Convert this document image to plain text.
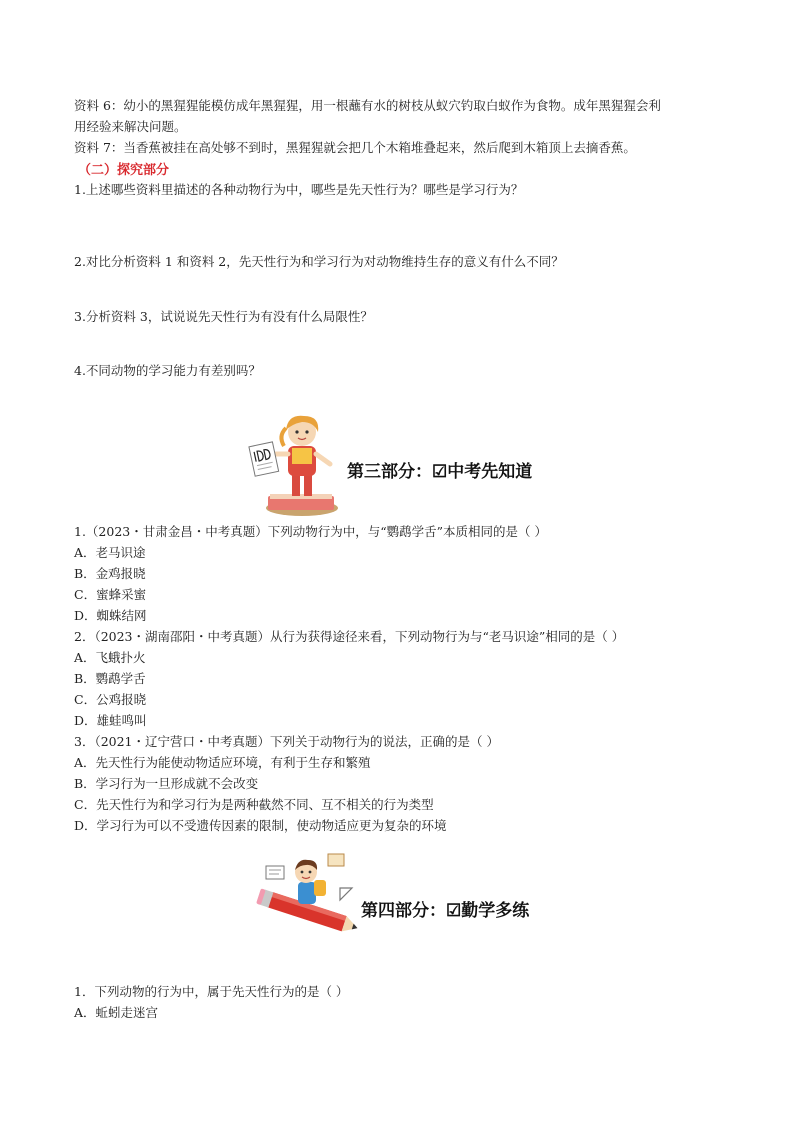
资料 6：幼小的黑猩猩能模仿成年黑猩猩，用一根蘸有水的树枝从蚁穴钓取白蚁作为食物。成年黑猩猩会利
用经验来解决问题。
资料 7：当香蕉被挂在高处够不到时，黑猩猩就会把几个木箱堆叠起来，然后爬到木箱顶上去摘香蕉。
（二）探究部分
1.上述哪些资料里描述的各种动物行为中，哪些是先天性行为？哪些是学习行为？
2.对比分析资料 1 和资料 2，先天性行为和学习行为对动物维持生存的意义有什么不同？
3.分析资料 3，试说说先天性行为有没有什么局限性？
4.不同动物的学习能力有差别吗？
第三部分：☑中考先知道
1.（2023・甘肃金昌・中考真题）下列动物行为中，与“鹦鹉学舌”本质相同的是（ ）
A．老马识途
B．金鸡报晓
C．蜜蜂采蜜
D．蜘蛛结网
2．（2023・湖南邵阳・中考真题）从行为获得途径来看，下列动物行为与“老马识途”相同的是（ ）
A．飞蛾扑火
B．鹦鹉学舌
C．公鸡报晓
D．雄蛙鸣叫
3．（2021・辽宁营口・中考真题）下列关于动物行为的说法，正确的是（ ）
A．先天性行为能使动物适应环境，有利于生存和繁殖
B．学习行为一旦形成就不会改变
C．先天性行为和学习行为是两种截然不同、互不相关的行为类型
D．学习行为可以不受遗传因素的限制，使动物适应更为复杂的环境
第四部分：☑勤学多练
1．下列动物的行为中，属于先天性行为的是（ ）
A．蚯蚓走迷宫
